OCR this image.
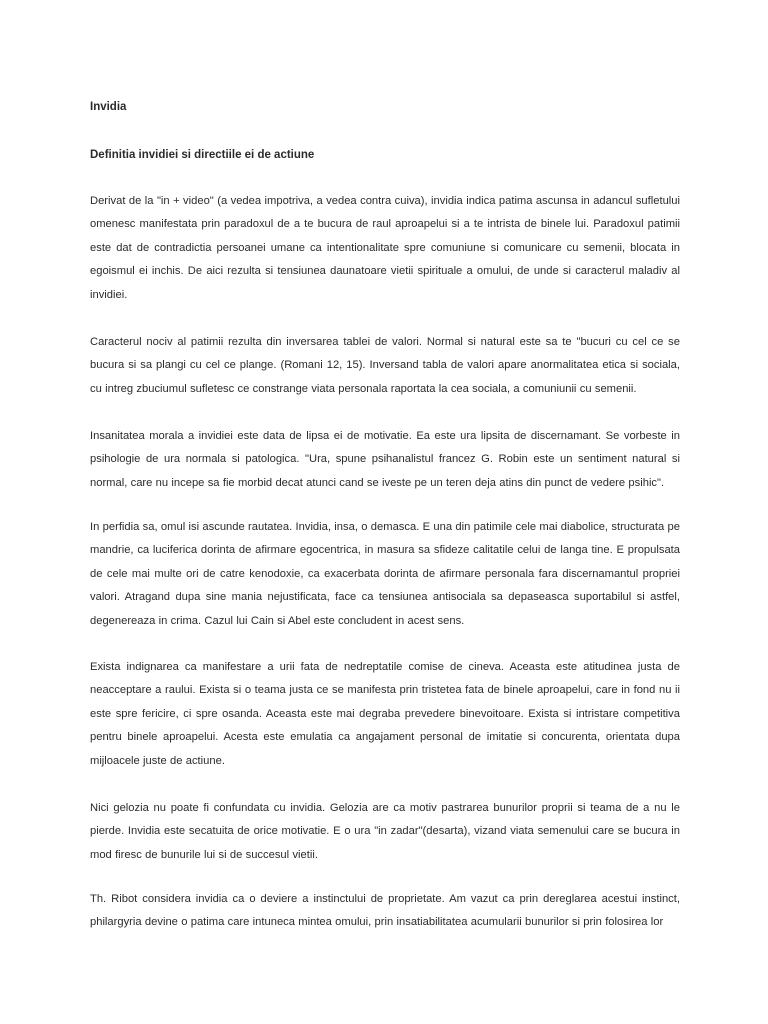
Invidia
Definitia invidiei si directiile ei de actiune

Derivat de la "in + video" (a vedea impotriva, a vedea contra cuiva), invidia indica patima ascunsa in adancul sufletului omenesc manifestata prin paradoxul de a te bucura de raul aproapelui si a te intrista de binele lui. Paradoxul patimii este dat de contradictia persoanei umane ca intentionalitate spre comuniune si comunicare cu semenii, blocata in egoismul ei inchis. De aici rezulta si tensiunea daunatoare vietii spirituale a omului, de unde si caracterul maladiv al invidiei.

Caracterul nociv al patimii rezulta din inversarea tablei de valori. Normal si natural este sa te "bucuri cu cel ce se bucura si sa plangi cu cel ce plange. (Romani 12, 15). Inversand tabla de valori apare anormalitatea etica si sociala, cu intreg zbuciumul sufletesc ce constrange viata personala raportata la cea sociala, a comuniunii cu semenii.

Insanitatea morala a invidiei este data de lipsa ei de motivatie. Ea este ura lipsita de discernamant. Se vorbeste in psihologie de ura normala si patologica. "Ura, spune psihanalistul francez G. Robin este un sentiment natural si normal, care nu incepe sa fie morbid decat atunci cand se iveste pe un teren deja atins din punct de vedere psihic".

In perfidia sa, omul isi ascunde rautatea. Invidia, insa, o demasca. E una din patimile cele mai diabolice, structurata pe mandrie, ca luciferica dorinta de afirmare egocentrica, in masura sa sfideze calitatile celui de langa tine. E propulsata de cele mai multe ori de catre kenodoxie, ca exacerbata dorinta de afirmare personala fara discernamantul propriei valori. Atragand dupa sine mania nejustificata, face ca tensiunea antisociala sa depaseasca suportabilul si astfel, degenereaza in crima. Cazul lui Cain si Abel este concludent in acest sens.

Exista indignarea ca manifestare a urii fata de nedreptatile comise de cineva. Aceasta este atitudinea justa de neacceptare a raului. Exista si o teama justa ce se manifesta prin tristetea fata de binele aproapelui, care in fond nu ii este spre fericire, ci spre osanda. Aceasta este mai degraba prevedere binevoitoare. Exista si intristare competitiva pentru binele aproapelui. Acesta este emulatia ca angajament personal de imitatie si concurenta, orientata dupa mijloacele juste de actiune.

Nici gelozia nu poate fi confundata cu invidia. Gelozia are ca motiv pastrarea bunurilor proprii si teama de a nu le pierde. Invidia este secatuita de orice motivatie. E o ura "in zadar"(desarta), vizand viata semenului care se bucura in mod firesc de bunurile lui si de succesul vietii.

Th. Ribot considera invidia ca o deviere a instinctului de proprietate. Am vazut ca prin dereglarea acestui instinct, philargyria devine o patima care intuneca mintea omului, prin insatiabilitatea acumularii bunurilor si prin folosirea lor
